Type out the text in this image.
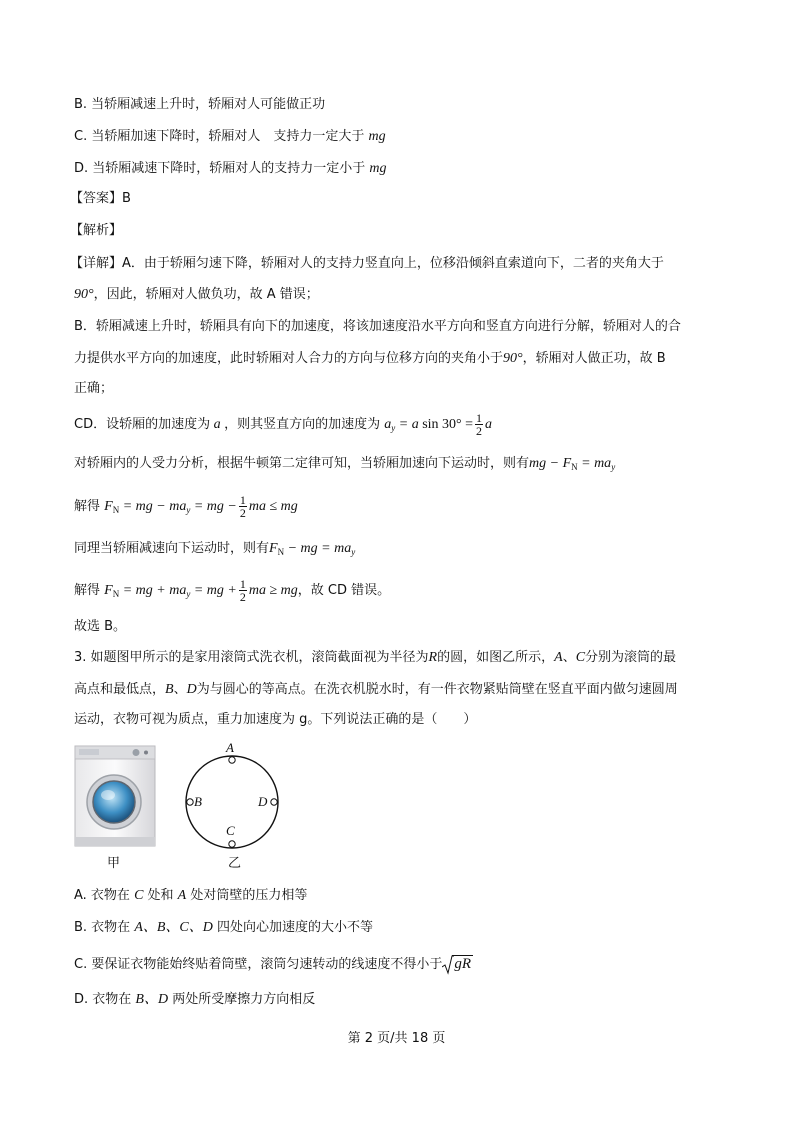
B. 当轿厢减速上升时，轿厢对人可能做正功
C. 当轿厢加速下降时，轿厢对人　支持力一定大于 mg
D. 当轿厢减速下降时，轿厢对人的支持力一定小于 mg
【答案】B
【解析】
【详解】A．由于轿厢匀速下降，轿厢对人的支持力竖直向上，位移沿倾斜直索道向下，二者的夹角大于
90°，因此，轿厢对人做负功，故 A 错误；
B．轿厢减速上升时，轿厢具有向下的加速度，将该加速度沿水平方向和竖直方向进行分解，轿厢对人的合
力提供水平方向的加速度，此时轿厢对人合力的方向与位移方向的夹角小于90°，轿厢对人做正功，故 B
正确；
CD．设轿厢的加速度为 a ，则其竖直方向的加速度为 $a_y = a$ $\sin 30^\circ = \frac{1}{2}$ a
对轿厢内的人受力分析，根据牛顿第二定律可知，当轿厢加速向下运动时，则有mg − $F_N = ma_y$
解得 $F_N$ = mg − $ma_y$ = mg − $\frac{1}{2}$ ma ≤ mg
同理当轿厢减速向下运动时，则有$F_N$ − mg = $ma_y$
解得 $F_N$ = mg + $ma_y$ = mg + $\frac{1}{2}$ ma ≥ mg，故 CD 错误。
故选 B。
3. 如题图甲所示的是家用滚筒式洗衣机，滚筒截面视为半径为R的圆，如图乙所示，A、C分别为滚筒的最
高点和最低点，B、D为与圆心的等高点。在洗衣机脱水时，有一件衣物紧贴筒壁在竖直平面内做匀速圆周
运动，衣物可视为质点，重力加速度为 g。下列说法正确的是（　　）
甲
A
B
C
D
乙
A. 衣物在 C 处和 A 处对筒壁的压力相等
B. 衣物在 A、B、C、D 四处向心加速度的大小不等
C. 要保证衣物能始终贴着筒壁，滚筒匀速转动的线速度不得小于 gR
D. 衣物在 B、D 两处所受摩擦力方向相反
第 2 页/共 18 页
